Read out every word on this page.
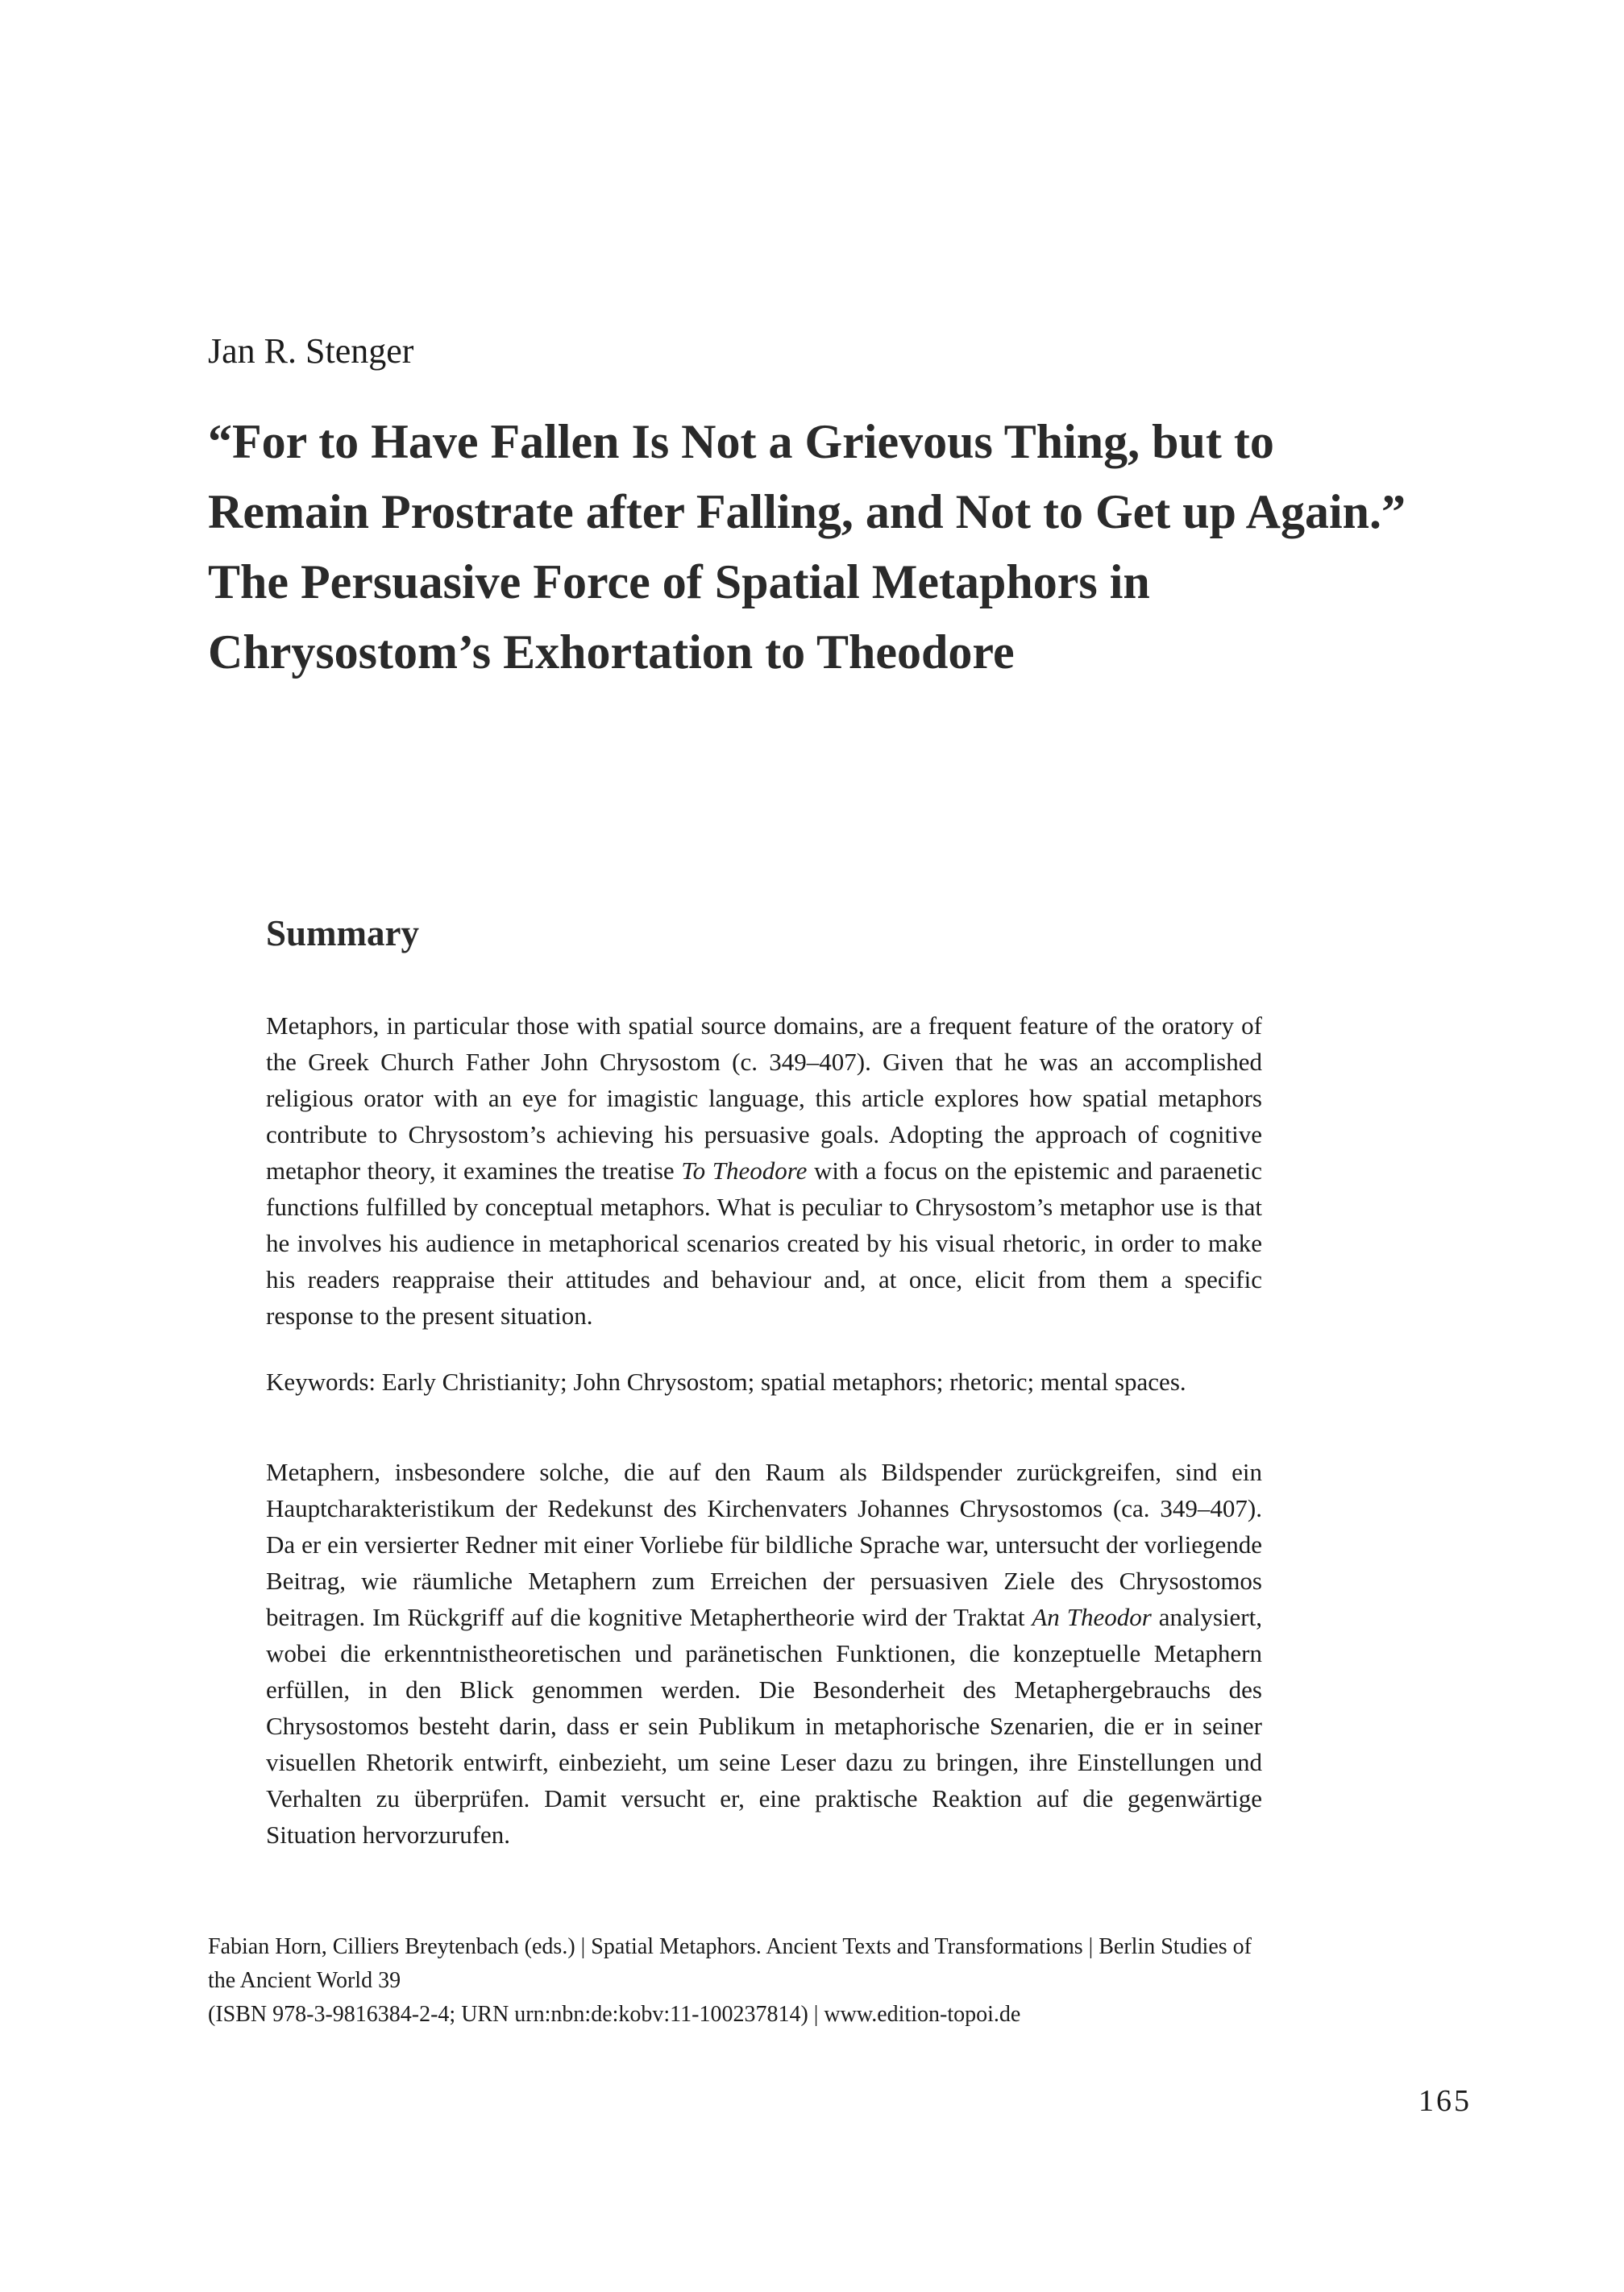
Jan R. Stenger

“For to Have Fallen Is Not a Grievous Thing, but to Remain Prostrate after Falling, and Not to Get up Again.” The Persuasive Force of Spatial Metaphors in Chrysostom’s Exhortation to Theodore
Summary

Metaphors, in particular those with spatial source domains, are a frequent feature of the oratory of the Greek Church Father John Chrysostom (c. 349–407). Given that he was an accomplished religious orator with an eye for imagistic language, this article explores how spatial metaphors contribute to Chrysostom’s achieving his persuasive goals. Adopting the approach of cognitive metaphor theory, it examines the treatise To Theodore with a focus on the epistemic and paraenetic functions fulfilled by conceptual metaphors. What is peculiar to Chrysostom’s metaphor use is that he involves his audience in metaphorical scenarios created by his visual rhetoric, in order to make his readers reappraise their attitudes and behaviour and, at once, elicit from them a specific response to the present situation.

Keywords: Early Christianity; John Chrysostom; spatial metaphors; rhetoric; mental spaces.

Metaphern, insbesondere solche, die auf den Raum als Bildspender zurückgreifen, sind ein Hauptcharakteristikum der Redekunst des Kirchenvaters Johannes Chrysostomos (ca. 349–407). Da er ein versierter Redner mit einer Vorliebe für bildliche Sprache war, untersucht der vorliegende Beitrag, wie räumliche Metaphern zum Erreichen der persuasiven Ziele des Chrysostomos beitragen. Im Rückgriff auf die kognitive Metaphertheorie wird der Traktat An Theodor analysiert, wobei die erkenntnistheoretischen und paränetischen Funktionen, die konzeptuelle Metaphern erfüllen, in den Blick genommen werden. Die Besonderheit des Metaphergebrauchs des Chrysostomos besteht darin, dass er sein Publikum in metaphorische Szenarien, die er in seiner visuellen Rhetorik entwirft, einbezieht, um seine Leser dazu zu bringen, ihre Einstellungen und Verhalten zu überprüfen. Damit versucht er, eine praktische Reaktion auf die gegenwärtige Situation hervorzurufen.

Fabian Horn, Cilliers Breytenbach (eds.) | Spatial Metaphors. Ancient Texts and Transformations | Berlin Studies of the Ancient World 39
(ISBN 978-3-9816384-2-4; URN urn:nbn:de:kobv:11-100237814) | www.edition-topoi.de

165
